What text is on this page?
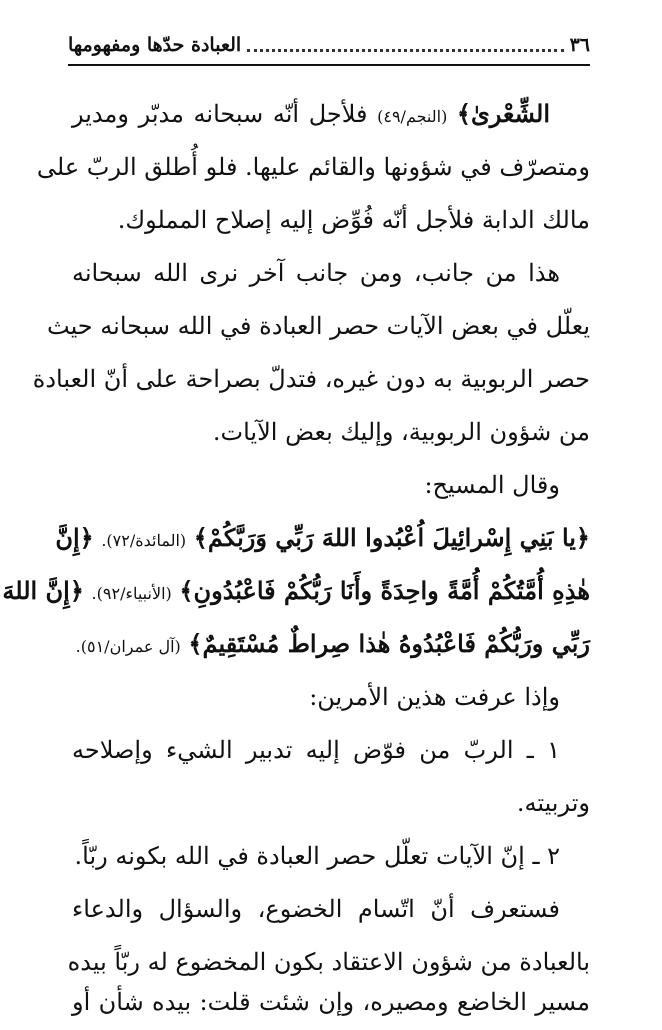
٣٦
العبادة حدّها ومفهومها
الشِّعْرىٰ﴾ (النجم/٤٩) فلأجل أنّه سبحانه مدبّر ومدير
ومتصرّف في شؤونها والقائم عليها. فلو أُطلق الربّ على
مالك الدابة فلأجل أنّه فُوِّض إليه إصلاح المملوك.
هذا من جانب، ومن جانب آخر نرى الله سبحانه
يعلّل في بعض الآيات حصر العبادة في الله سبحانه حيث
حصر الربوبية به دون غيره، فتدلّ بصراحة على أنّ العبادة
من شؤون الربوبية، وإليك بعض الآيات.
وقال المسيح:
﴿يا بَنِي إِسْرائِيلَ اُعْبُدوا اللهَ رَبِّي وَرَبَّكُمْ﴾ (المائدة/٧٢). ﴿إِنَّ
هٰذِهِ أُمَّتُكُمْ أُمَّةً واحِدَةً وأَنَا رَبُّكُمْ فَاعْبُدُونِ﴾ (الأنبياء/٩٢). ﴿إِنَّ اللهَ
رَبِّي ورَبُّكُمْ فَاعْبُدُوهُ هٰذا صِراطٌ مُسْتَقِيمٌ﴾ (آل عمران/٥١).
وإذا عرفت هذين الأمرين:
١ ـ الربّ من فوّض إليه تدبير الشيء وإصلاحه
وتربيته.
٢ ـ إنّ الآيات تعلّل حصر العبادة في الله بكونه ربّاً.
فستعرف أنّ اتّسام الخضوع، والسؤال والدعاء
بالعبادة من شؤون الاعتقاد بكون المخضوع له ربّاً بيده
مسير الخاضع ومصيره، وإن شئت قلت: بيده شأن أو
